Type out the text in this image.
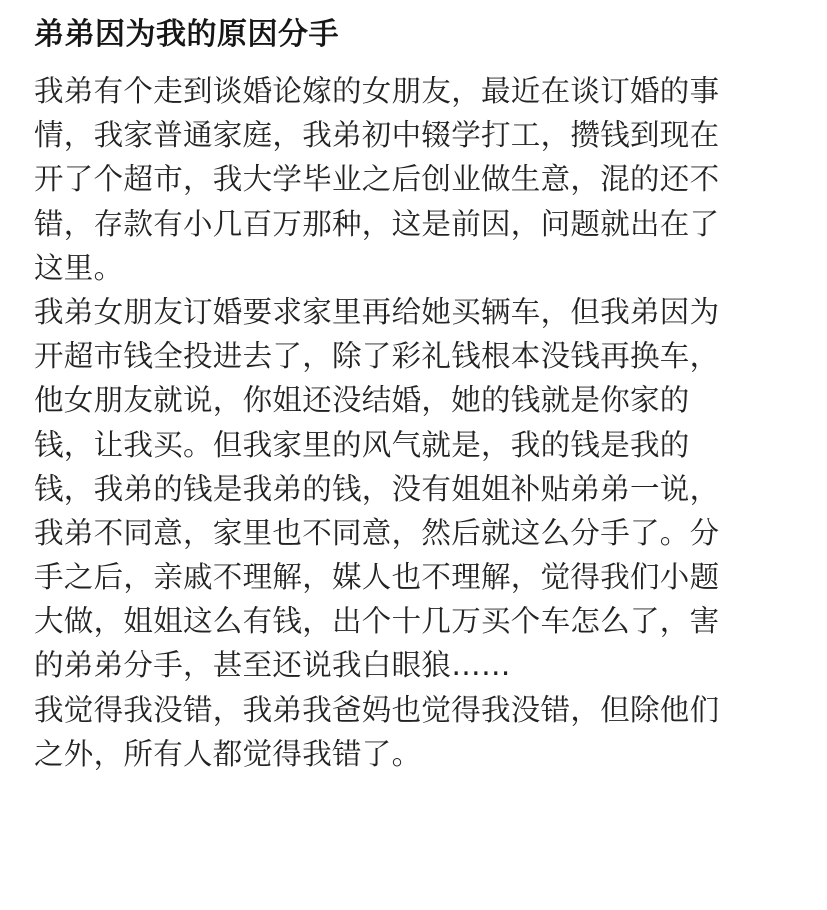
弟弟因为我的原因分手
我弟有个走到谈婚论嫁的女朋友，最近在谈订婚的事
情，我家普通家庭，我弟初中辍学打工，攒钱到现在
开了个超市，我大学毕业之后创业做生意，混的还不
错，存款有小几百万那种，这是前因，问题就出在了
这里。
我弟女朋友订婚要求家里再给她买辆车，但我弟因为
开超市钱全投进去了，除了彩礼钱根本没钱再换车，
他女朋友就说，你姐还没结婚，她的钱就是你家的
钱，让我买。但我家里的风气就是，我的钱是我的
钱，我弟的钱是我弟的钱，没有姐姐补贴弟弟一说，
我弟不同意，家里也不同意，然后就这么分手了。分
手之后，亲戚不理解，媒人也不理解，觉得我们小题
大做，姐姐这么有钱，出个十几万买个车怎么了，害
的弟弟分手，甚至还说我白眼狼……
我觉得我没错，我弟我爸妈也觉得我没错，但除他们
之外，所有人都觉得我错了。
